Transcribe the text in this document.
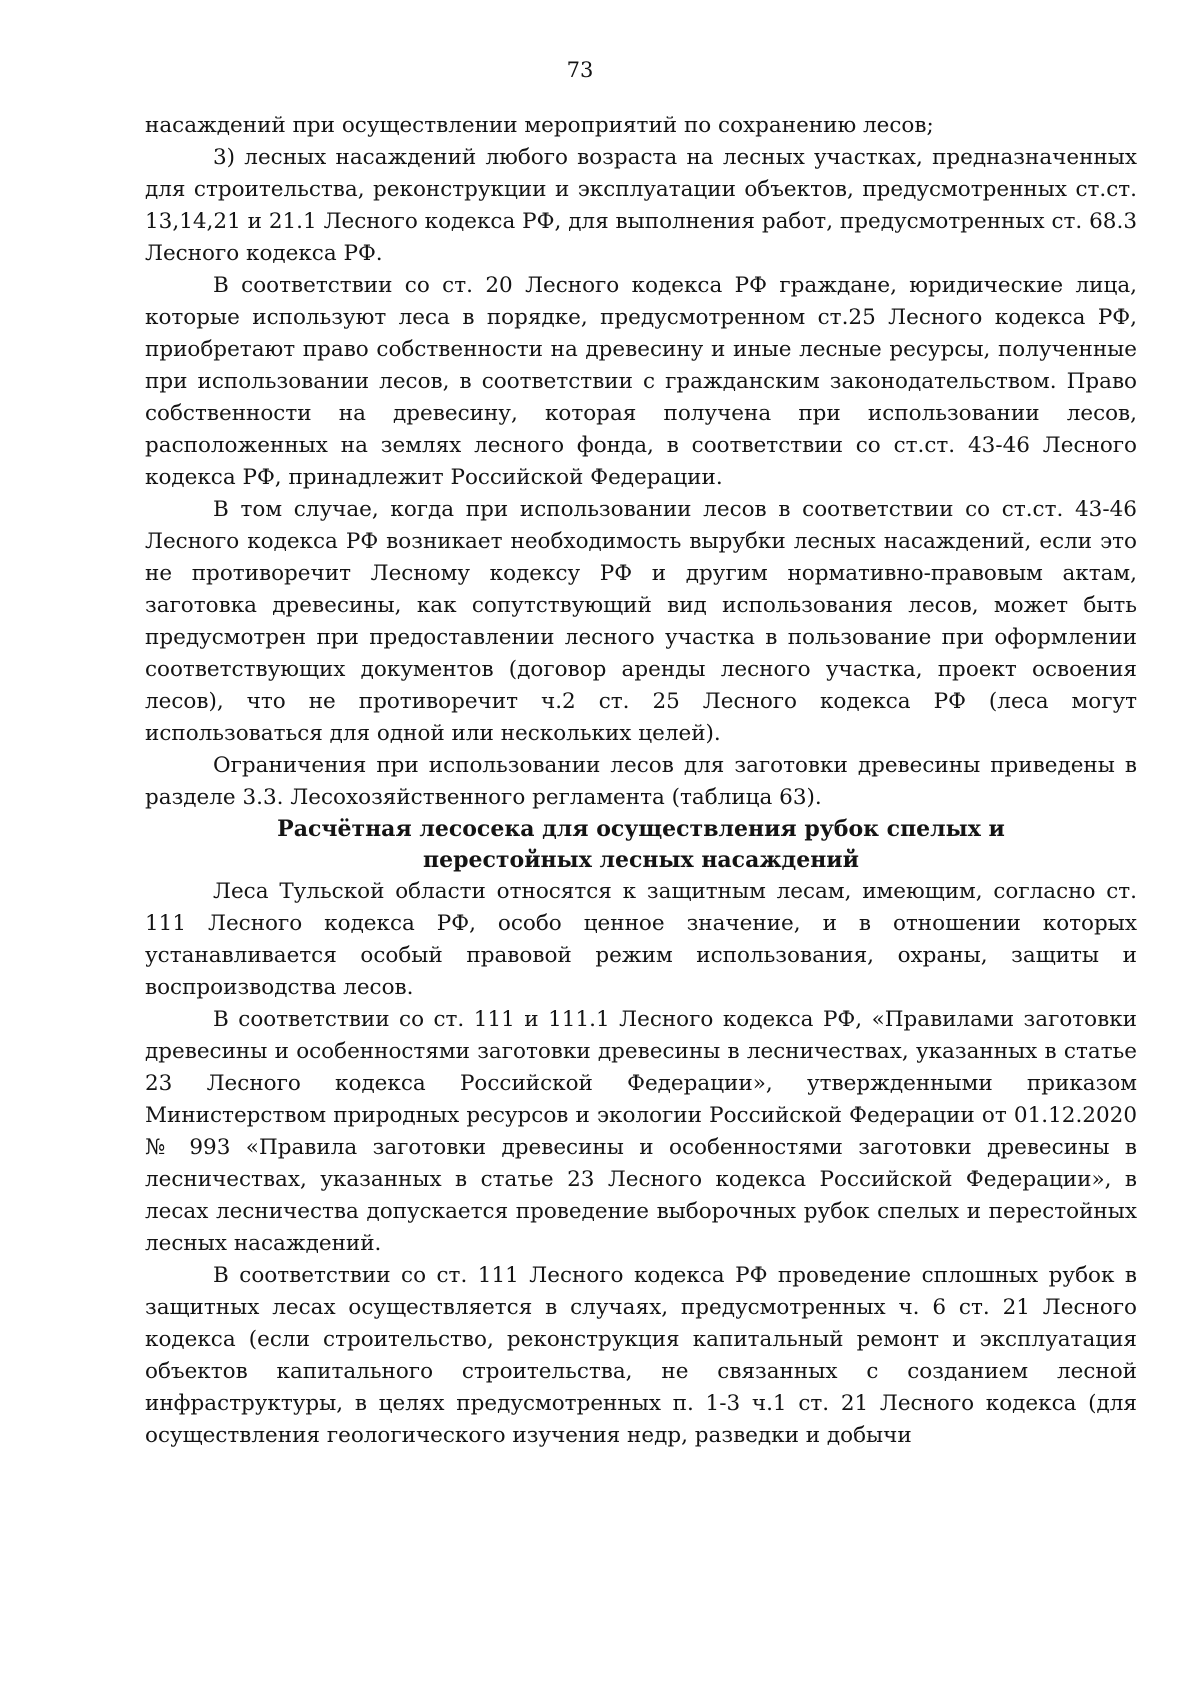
73

насаждений при осуществлении мероприятий по сохранению лесов;

3) лесных насаждений любого возраста на лесных участках, предназначенных для строительства, реконструкции и эксплуатации объектов, предусмотренных ст.ст. 13,14,21 и 21.1 Лесного кодекса РФ, для выполнения работ, предусмотренных ст. 68.3 Лесного кодекса РФ.

В соответствии со ст. 20 Лесного кодекса РФ граждане, юридические лица, которые используют леса в порядке, предусмотренном ст.25 Лесного кодекса РФ, приобретают право собственности на древесину и иные лесные ресурсы, полученные при использовании лесов, в соответствии с гражданским законодательством. Право собственности на древесину, которая получена при использовании лесов, расположенных на землях лесного фонда, в соответствии со ст.ст. 43-46 Лесного кодекса РФ, принадлежит Российской Федерации.

В том случае, когда при использовании лесов в соответствии со ст.ст. 43-46 Лесного кодекса РФ возникает необходимость вырубки лесных насаждений, если это не противоречит Лесному кодексу РФ и другим нормативно-правовым актам, заготовка древесины, как сопутствующий вид использования лесов, может быть предусмотрен при предоставлении лесного участка в пользование при оформлении соответствующих документов (договор аренды лесного участка, проект освоения лесов), что не противоречит ч.2 ст. 25 Лесного кодекса РФ (леса могут использоваться для одной или нескольких целей).

Ограничения при использовании лесов для заготовки древесины приведены в разделе 3.3. Лесохозяйственного регламента (таблица 63).

Расчётная лесосека для осуществления рубок спелых и
перестойных лесных насаждений

Леса Тульской области относятся к защитным лесам, имеющим, согласно ст. 111 Лесного кодекса РФ, особо ценное значение, и в отношении которых устанавливается особый правовой режим использования, охраны, защиты и воспроизводства лесов.

В соответствии со ст. 111 и 111.1 Лесного кодекса РФ, «Правилами заготовки древесины и особенностями заготовки древесины в лесничествах, указанных в статье 23 Лесного кодекса Российской Федерации», утвержденными приказом Министерством природных ресурсов и экологии Российской Федерации от 01.12.2020 № 993 «Правила заготовки древесины и особенностями заготовки древесины в лесничествах, указанных в статье 23 Лесного кодекса Российской Федерации», в лесах лесничества допускается проведение выборочных рубок спелых и перестойных лесных насаждений.

В соответствии со ст. 111 Лесного кодекса РФ проведение сплошных рубок в защитных лесах осуществляется в случаях, предусмотренных ч. 6 ст. 21 Лесного кодекса (если строительство, реконструкция капитальный ремонт и эксплуатация объектов капитального строительства, не связанных с созданием лесной инфраструктуры, в целях предусмотренных п. 1-3 ч.1 ст. 21 Лесного кодекса (для осуществления геологического изучения недр, разведки и добычи
